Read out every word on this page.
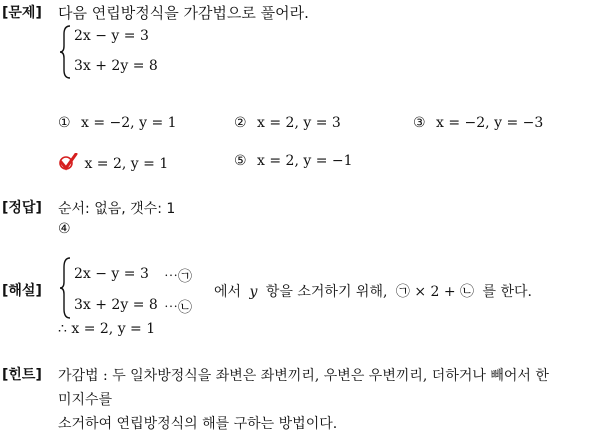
[문제] 다음 연립방정식을 가감법으로 풀어라.
2x − y = 3
3x + 2y = 8
① x = −2, y = 1	② x = 2, y = 3	③ x = −2, y = −3
x = 2, y = 1	⑤ x = 2, y = −1
[정답] 순서: 없음, 갯수: 1
④
[해설]
2x − y = 3 ⋯㉠
3x + 2y = 8 ⋯㉡
에서 y 항을 소거하기 위해, ㉠ × 2 + ㉡ 를 한다.
∴ x = 2, y = 1
[힌트] 가감법 : 두 일차방정식을 좌변은 좌변끼리, 우변은 우변끼리, 더하거나 빼어서 한
미지수를
소거하여 연립방정식의 해를 구하는 방법이다.
